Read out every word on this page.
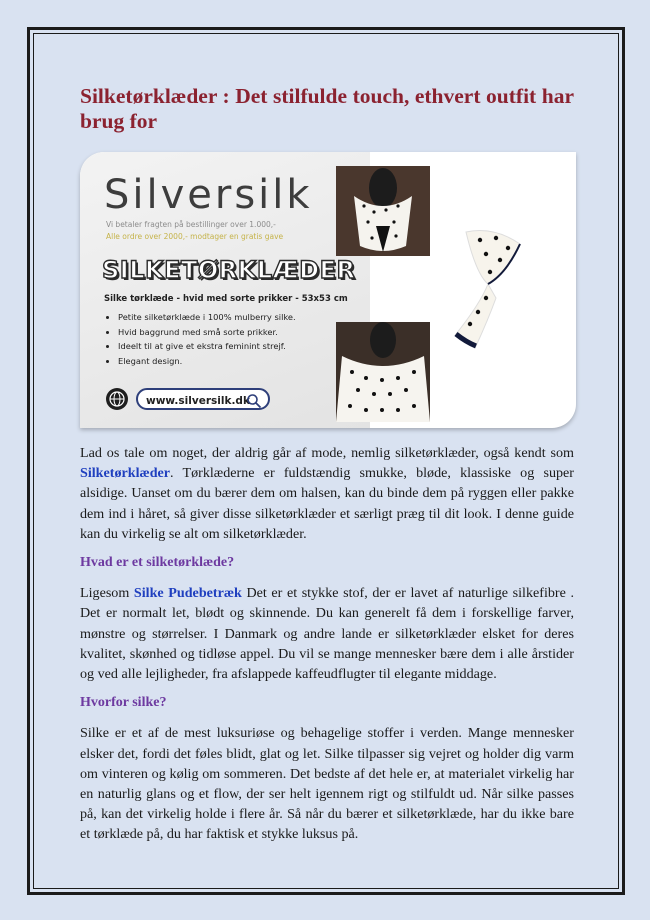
Silketørklæder : Det stilfulde touch, ethvert outfit har brug for
Silversilk
Vi betaler fragten på bestillinger over 1.000,-
Alle ordre over 2000,- modtager en gratis gave
SILKETØRKLÆDER
Silke tørklæde - hvid med sorte prikker - 53x53 cm
• Petite silketørklæde i 100% mulberry silke.
• Hvid baggrund med små sorte prikker.
• Ideelt til at give et ekstra feminint strejf.
• Elegant design.
www.silversilk.dk

Lad os tale om noget, der aldrig går af mode, nemlig silketørklæder, også kendt som Silketørklæder. Tørklæderne er fuldstændig smukke, bløde, klassiske og super alsidige. Uanset om du bærer dem om halsen, kan du binde dem på ryggen eller pakke dem ind i håret, så giver disse silketørklæder et særligt præg til dit look. I denne guide kan du virkelig se alt om silketørklæder.

Hvad er et silketørklæde?

Ligesom Silke Pudebetræk Det er et stykke stof, der er lavet af naturlige silkefibre . Det er normalt let, blødt og skinnende. Du kan generelt få dem i forskellige farver, mønstre og størrelser. I Danmark og andre lande er silketørklæder elsket for deres kvalitet, skønhed og tidløse appel. Du vil se mange mennesker bære dem i alle årstider og ved alle lejligheder, fra afslappede kaffeudflugter til elegante middage.

Hvorfor silke?

Silke er et af de mest luksuriøse og behagelige stoffer i verden. Mange mennesker elsker det, fordi det føles blidt, glat og let. Silke tilpasser sig vejret og holder dig varm om vinteren og kølig om sommeren. Det bedste af det hele er, at materialet virkelig har en naturlig glans og et flow, der ser helt igennem rigt og stilfuldt ud. Når silke passes på, kan det virkelig holde i flere år. Så når du bærer et silketørklæde, har du ikke bare et tørklæde på, du har faktisk et stykke luksus på.
